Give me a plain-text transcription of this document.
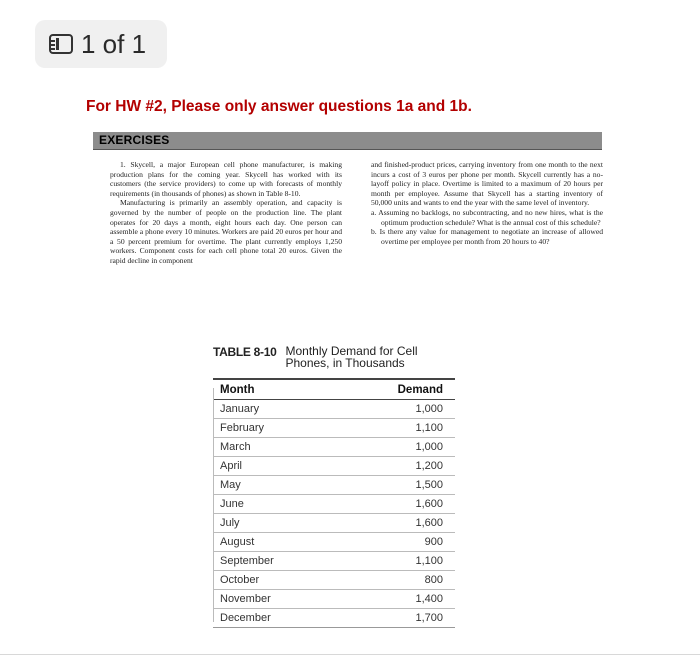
1 of 1
For HW #2, Please only answer questions 1a and 1b.
EXERCISES

1. Skycell, a major European cell phone manufacturer, is making production plans for the coming year. Skycell has worked with its customers (the service providers) to come up with forecasts of monthly requirements (in thousands of phones) as shown in Table 8-10.

Manufacturing is primarily an assembly operation, and capacity is governed by the number of people on the production line. The plant operates for 20 days a month, eight hours each day. One person can assemble a phone every 10 minutes. Workers are paid 20 euros per hour and a 50 percent premium for overtime. The plant currently employs 1,250 workers. Component costs for each cell phone total 20 euros. Given the rapid decline in component

and finished-product prices, carrying inventory from one month to the next incurs a cost of 3 euros per phone per month. Skycell currently has a no-layoff policy in place. Overtime is limited to a maximum of 20 hours per month per employee. Assume that Skycell has a starting inventory of 50,000 units and wants to end the year with the same level of inventory.

a. Assuming no backlogs, no subcontracting, and no new hires, what is the optimum production schedule? What is the annual cost of this schedule?

b. Is there any value for management to negotiate an increase of allowed overtime per employee per month from 20 hours to 40?

TABLE 8-10 Monthly Demand for Cell Phones, in Thousands
Month	Demand
January	1,000
February	1,100
March	1,000
April	1,200
May	1,500
June	1,600
July	1,600
August	900
September	1,100
October	800
November	1,400
December	1,700
